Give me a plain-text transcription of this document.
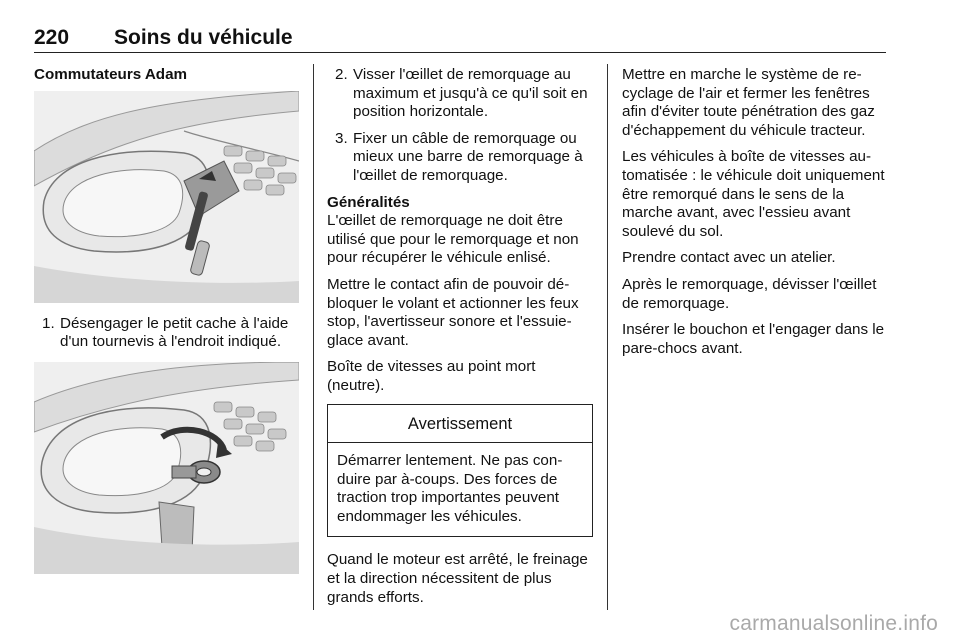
220 Soins du véhicule

Commutateurs Adam

1. Désengager le petit cache à l'aide d'un tournevis à l'endroit indiqué.
2. Visser l'œillet de remorquage au maximum et jusqu'à ce qu'il soit en position horizontale.
3. Fixer un câble de remorquage ou mieux une barre de remorquage à l'œillet de remorquage.

Généralités

L'œillet de remorquage ne doit être utilisé que pour le remorquage et non pour récupérer le véhicule enlisé.

Mettre le contact afin de pouvoir débloquer le volant et actionner les feux stop, l'avertisseur sonore et l'essuie-glace avant.

Boîte de vitesses au point mort (neutre).

Avertissement
Démarrer lentement. Ne pas conduire par à-coups. Des forces de traction trop importantes peuvent endommager les véhicules.

Quand le moteur est arrêté, le freinage et la direction nécessitent de plus grands efforts.

Mettre en marche le système de recyclage de l'air et fermer les fenêtres afin d'éviter toute pénétration des gaz d'échappement du véhicule tracteur.

Les véhicules à boîte de vitesses automatisée : le véhicule doit uniquement être remorqué dans le sens de la marche avant, avec l'essieu avant soulevé du sol.

Prendre contact avec un atelier.

Après le remorquage, dévisser l'œillet de remorquage.

Insérer le bouchon et l'engager dans le pare-chocs avant.

carmanualsonline.info
